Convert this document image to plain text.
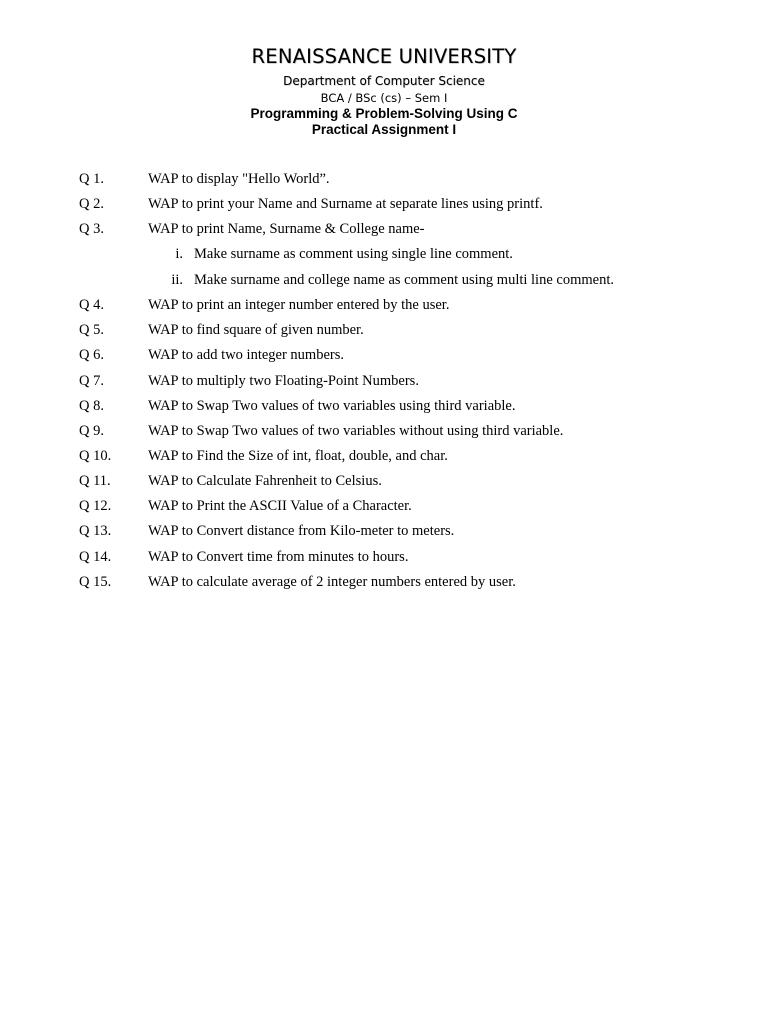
RENAISSANCE UNIVERSITY
Department of Computer Science
BCA / BSc (cs) – Sem I
Programming & Problem-Solving Using C
Practical Assignment I
Q 1.	WAP to display "Hello World”.
Q 2.	WAP to print your Name and Surname at separate lines using printf.
Q 3.	WAP to print Name, Surname & College name-
i. Make surname as comment using single line comment.
ii. Make surname and college name as comment using multi line comment.
Q 4.	WAP to print an integer number entered by the user.
Q 5.	WAP to find square of given number.
Q 6.	WAP to add two integer numbers.
Q 7.	WAP to multiply two Floating-Point Numbers.
Q 8.	WAP to Swap Two values of two variables using third variable.
Q 9.	WAP to Swap Two values of two variables without using third variable.
Q 10.	WAP to Find the Size of int, float, double, and char.
Q 11.	WAP to Calculate Fahrenheit to Celsius.
Q 12.	WAP to Print the ASCII Value of a Character.
Q 13.	WAP to Convert distance from Kilo-meter to meters.
Q 14.	WAP to Convert time from minutes to hours.
Q 15.	WAP to calculate average of 2 integer numbers entered by user.
